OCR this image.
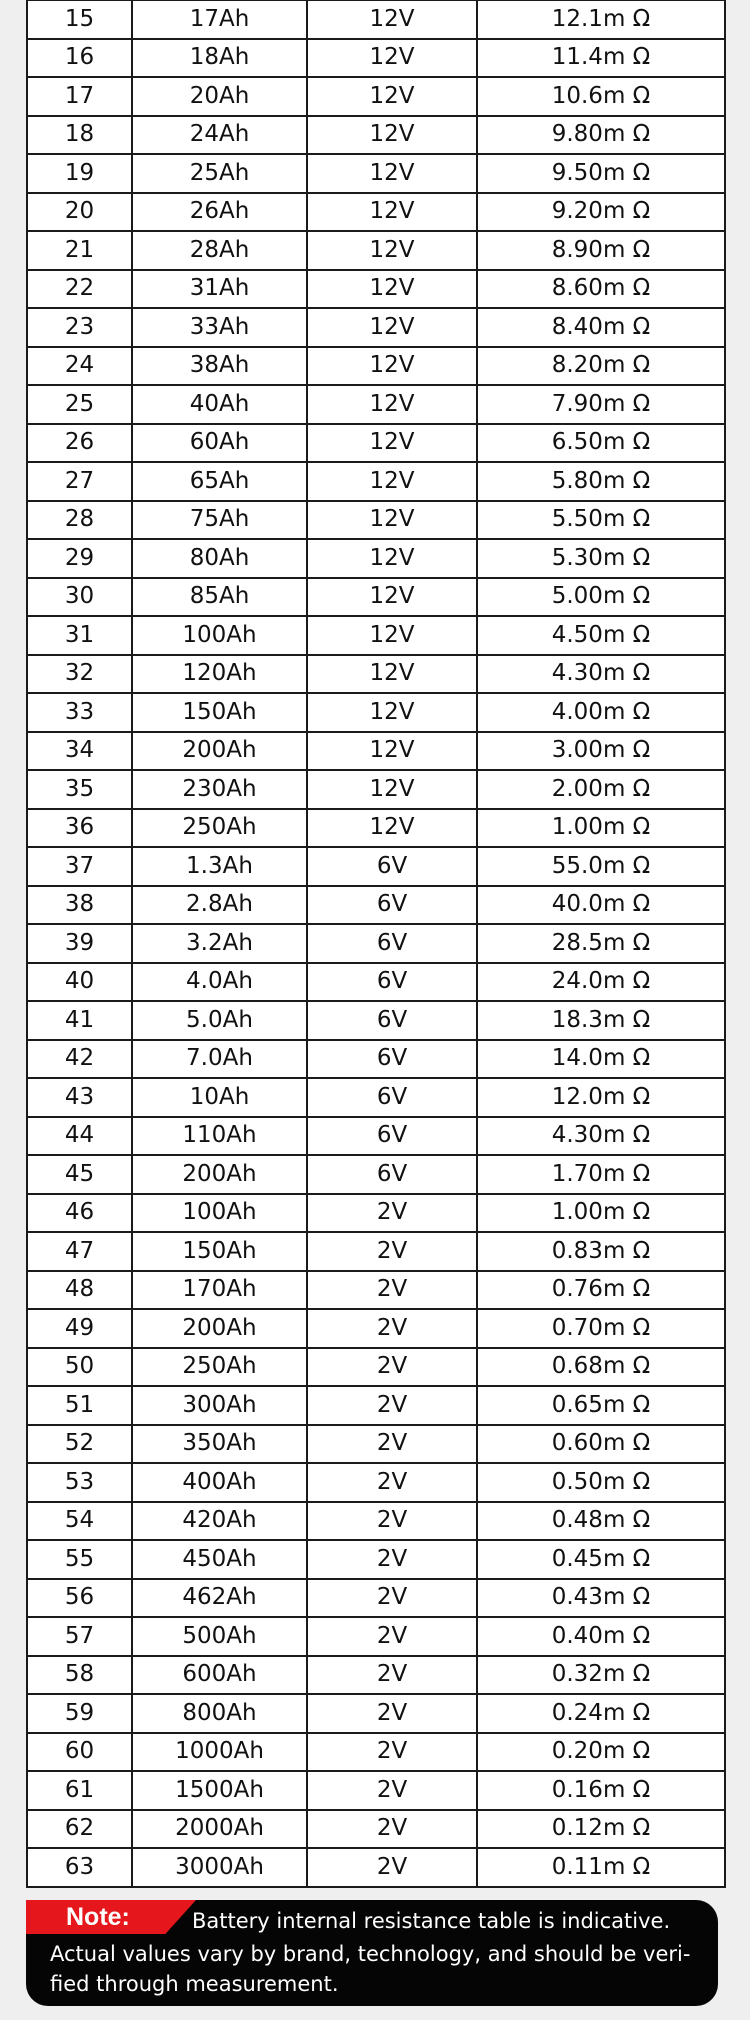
15	17Ah	12V	12.1m Ω
16	18Ah	12V	11.4m Ω
17	20Ah	12V	10.6m Ω
18	24Ah	12V	9.80m Ω
19	25Ah	12V	9.50m Ω
20	26Ah	12V	9.20m Ω
21	28Ah	12V	8.90m Ω
22	31Ah	12V	8.60m Ω
23	33Ah	12V	8.40m Ω
24	38Ah	12V	8.20m Ω
25	40Ah	12V	7.90m Ω
26	60Ah	12V	6.50m Ω
27	65Ah	12V	5.80m Ω
28	75Ah	12V	5.50m Ω
29	80Ah	12V	5.30m Ω
30	85Ah	12V	5.00m Ω
31	100Ah	12V	4.50m Ω
32	120Ah	12V	4.30m Ω
33	150Ah	12V	4.00m Ω
34	200Ah	12V	3.00m Ω
35	230Ah	12V	2.00m Ω
36	250Ah	12V	1.00m Ω
37	1.3Ah	6V	55.0m Ω
38	2.8Ah	6V	40.0m Ω
39	3.2Ah	6V	28.5m Ω
40	4.0Ah	6V	24.0m Ω
41	5.0Ah	6V	18.3m Ω
42	7.0Ah	6V	14.0m Ω
43	10Ah	6V	12.0m Ω
44	110Ah	6V	4.30m Ω
45	200Ah	6V	1.70m Ω
46	100Ah	2V	1.00m Ω
47	150Ah	2V	0.83m Ω
48	170Ah	2V	0.76m Ω
49	200Ah	2V	0.70m Ω
50	250Ah	2V	0.68m Ω
51	300Ah	2V	0.65m Ω
52	350Ah	2V	0.60m Ω
53	400Ah	2V	0.50m Ω
54	420Ah	2V	0.48m Ω
55	450Ah	2V	0.45m Ω
56	462Ah	2V	0.43m Ω
57	500Ah	2V	0.40m Ω
58	600Ah	2V	0.32m Ω
59	800Ah	2V	0.24m Ω
60	1000Ah	2V	0.20m Ω
61	1500Ah	2V	0.16m Ω
62	2000Ah	2V	0.12m Ω
63	3000Ah	2V	0.11m Ω
Note:	Battery internal resistance table is indicative.
Actual values vary by brand, technology, and should be veri-fied through measurement.
